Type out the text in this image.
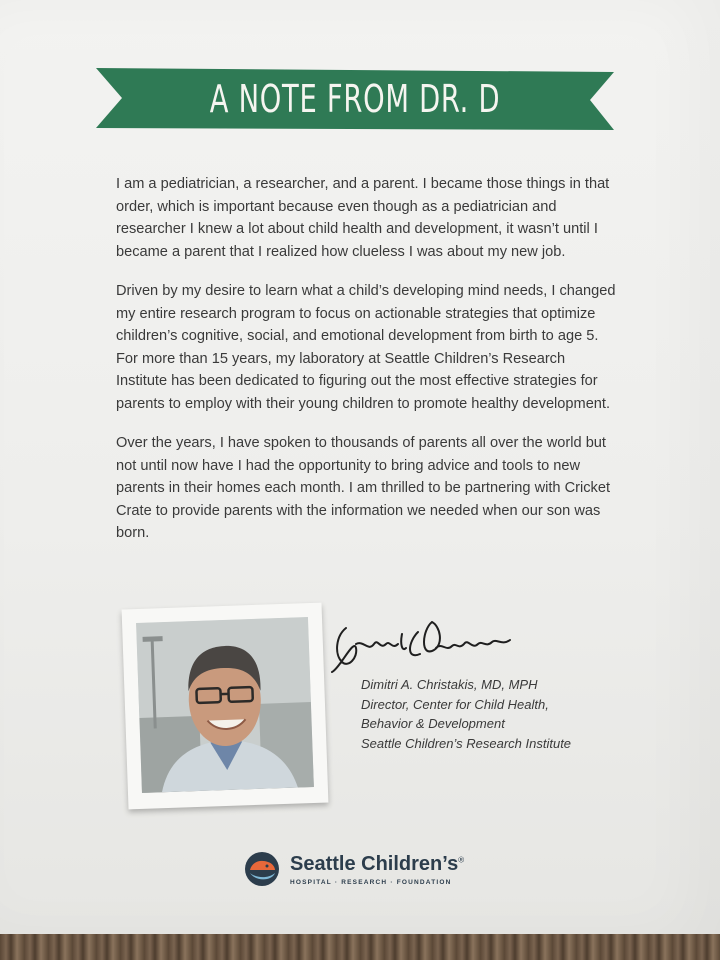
A NOTE FROM DR. D

I am a pediatrician, a researcher, and a parent. I became those things in that order, which is important because even though as a pediatrician and researcher I knew a lot about child health and development, it wasn’t until I became a parent that I realized how clueless I was about my new job.

Driven by my desire to learn what a child’s developing mind needs, I changed my entire research program to focus on actionable strategies that optimize children’s cognitive, social, and emotional development from birth to age 5. For more than 15 years, my laboratory at Seattle Children’s Research Institute has been dedicated to figuring out the most effective strategies for parents to employ with their young children to promote healthy development.

Over the years, I have spoken to thousands of parents all over the world but not until now have I had the opportunity to bring advice and tools to new parents in their homes each month. I am thrilled to be partnering with Cricket Crate to provide parents with the information we needed when our son was born.

Dimitri A. Christakis, MD, MPH
Director, Center for Child Health,
Behavior & Development
Seattle Children’s Research Institute
Seattle Children’s®
HOSPITAL · RESEARCH · FOUNDATION
